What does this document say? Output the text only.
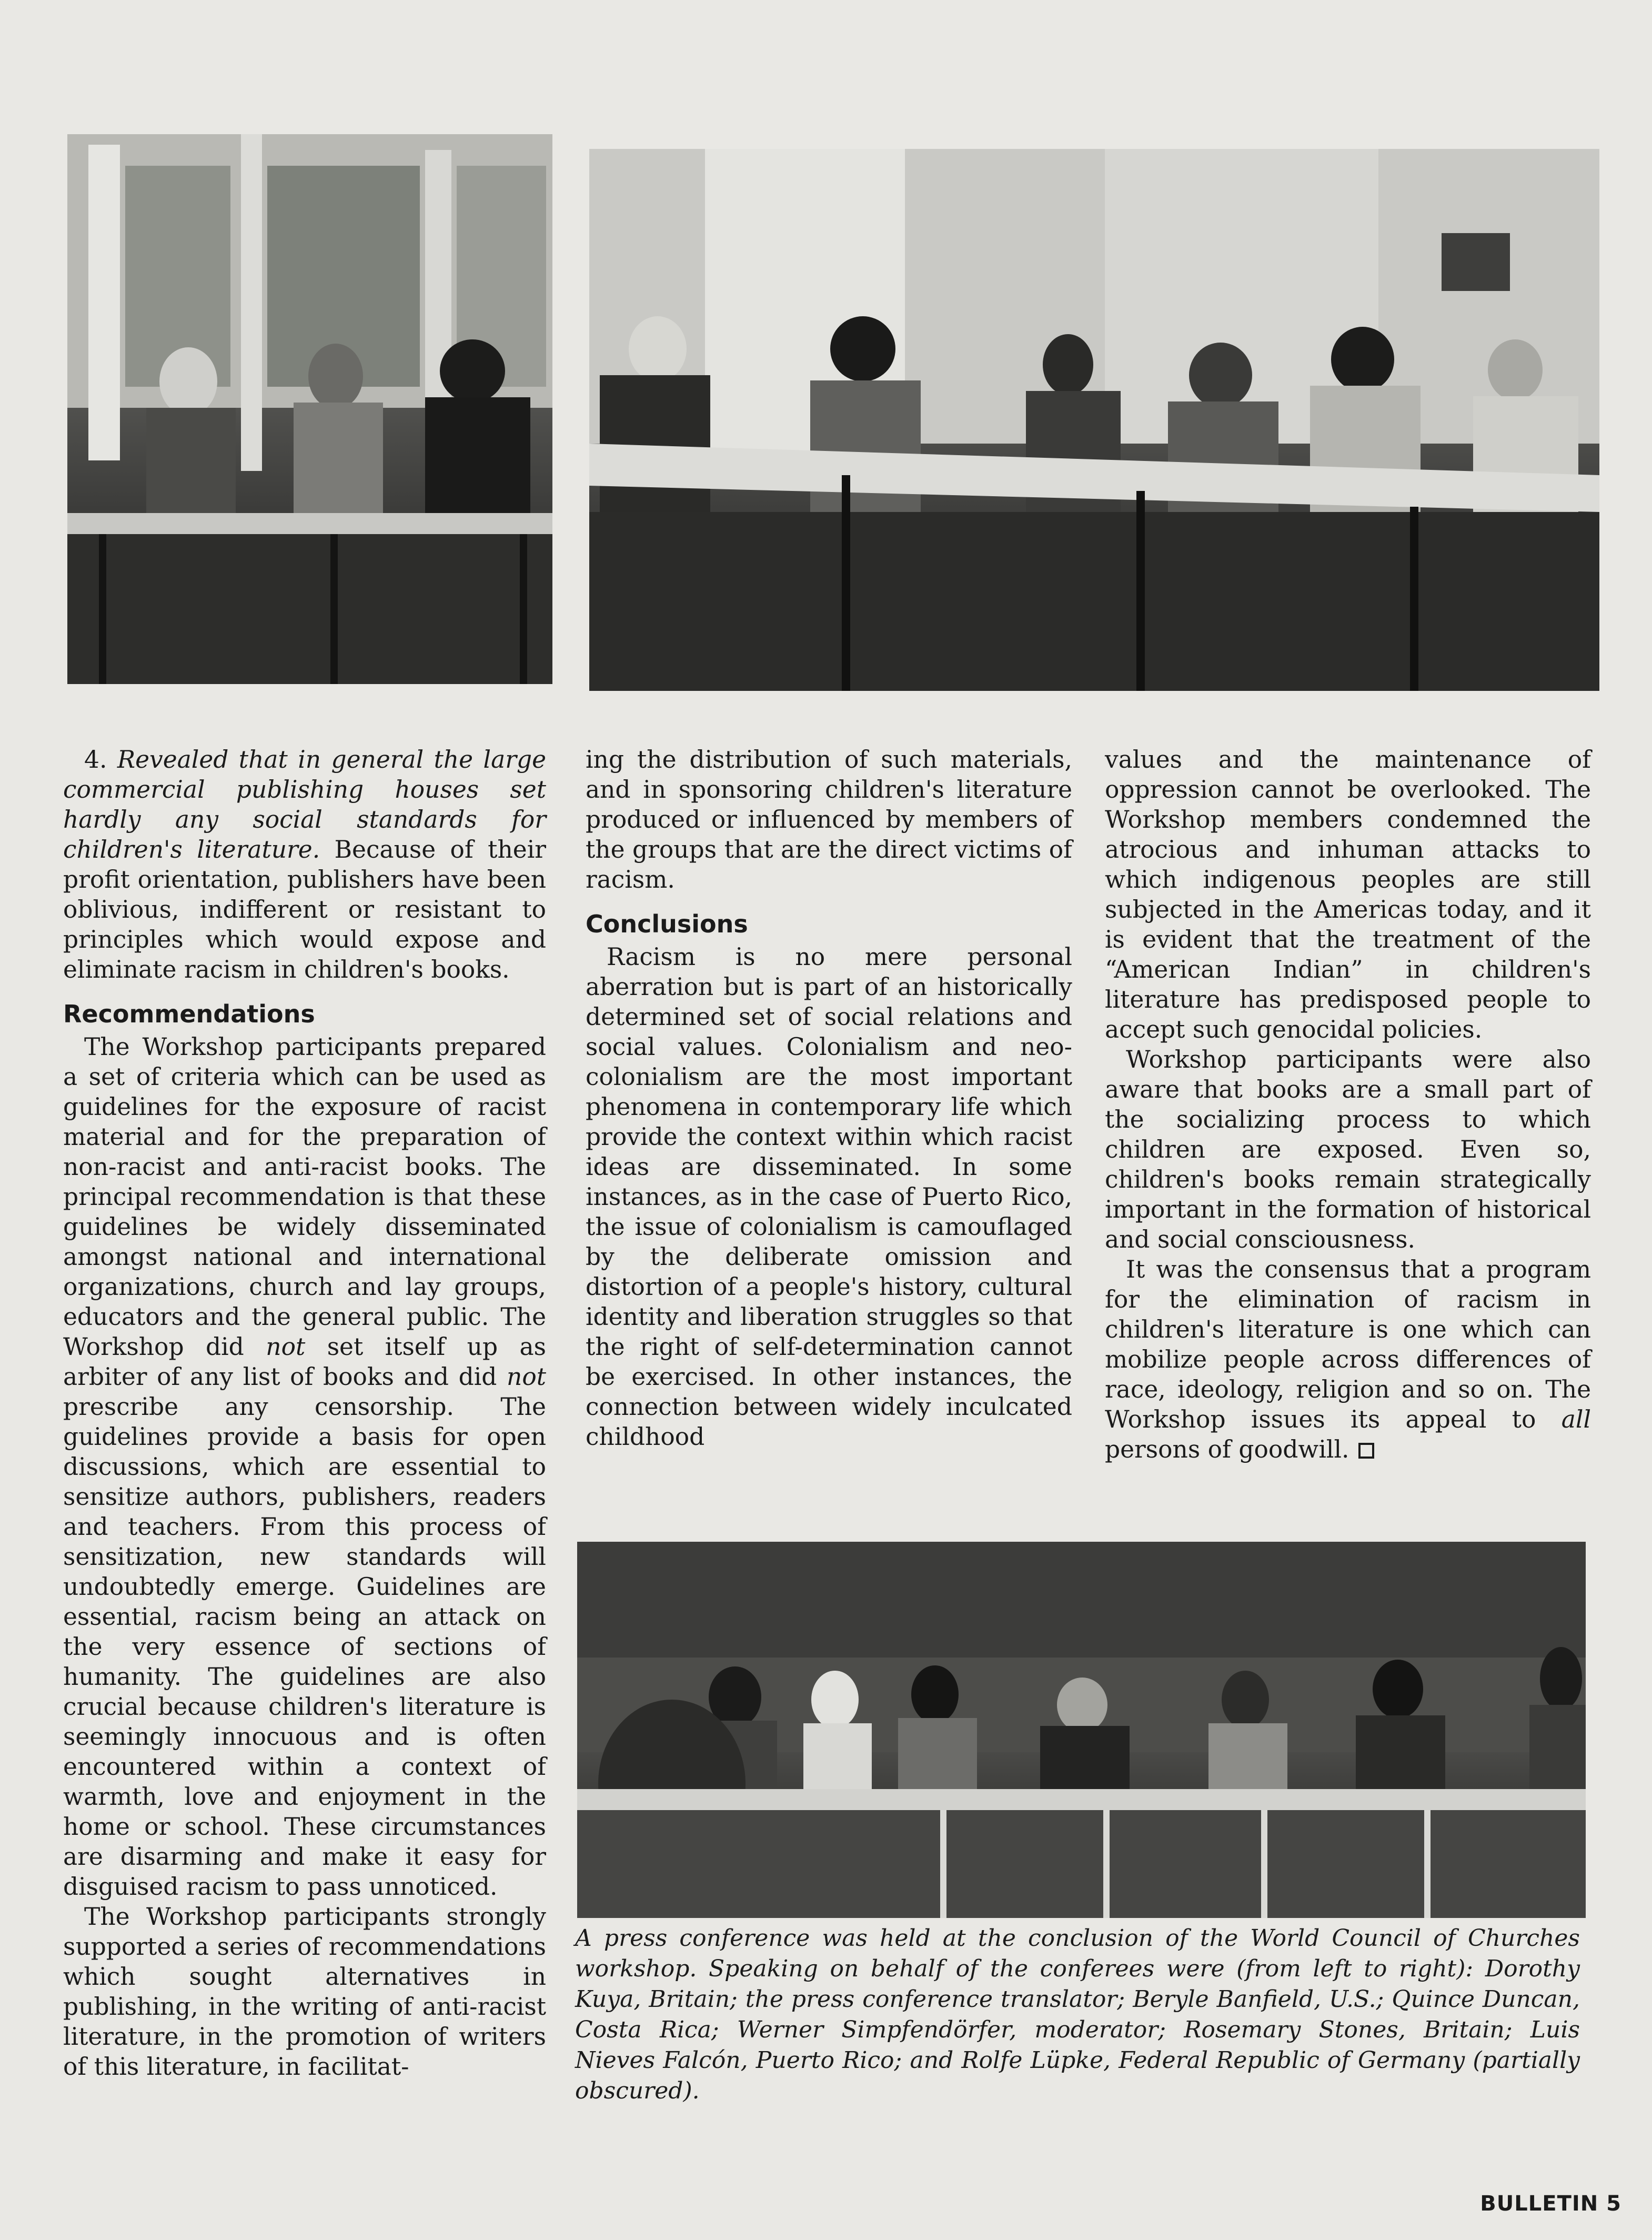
4. Revealed that in general the large commercial publishing houses set hardly any social standards for children's literature. Because of their profit orientation, publishers have been oblivious, indifferent or resistant to principles which would expose and eliminate racism in children's books.

Recommendations

The Workshop participants prepared a set of criteria which can be used as guidelines for the exposure of racist material and for the preparation of non-racist and anti-racist books. The principal recommendation is that these guidelines be widely disseminated amongst national and international organizations, church and lay groups, educators and the general public. The Workshop did not set itself up as arbiter of any list of books and did not prescribe any censorship. The guidelines provide a basis for open discussions, which are essential to sensitize authors, publishers, readers and teachers. From this process of sensitization, new standards will undoubtedly emerge. Guidelines are essential, racism being an attack on the very essence of sections of humanity. The guidelines are also crucial because children's literature is seemingly innocuous and is often encountered within a context of warmth, love and enjoyment in the home or school. These circumstances are disarming and make it easy for disguised racism to pass unnoticed.

The Workshop participants strongly supported a series of recommendations which sought alternatives in publishing, in the writing of anti-racist literature, in the promotion of writers of this literature, in facilitat-

ing the distribution of such materials, and in sponsoring children's literature produced or influenced by members of the groups that are the direct victims of racism.

Conclusions

Racism is no mere personal aberration but is part of an historically determined set of social relations and social values. Colonialism and neo-colonialism are the most important phenomena in contemporary life which provide the context within which racist ideas are disseminated. In some instances, as in the case of Puerto Rico, the issue of colonialism is camouflaged by the deliberate omission and distortion of a people's history, cultural identity and liberation struggles so that the right of self-determination cannot be exercised. In other instances, the connection between widely inculcated childhood

values and the maintenance of oppression cannot be overlooked. The Workshop members condemned the atrocious and inhuman attacks to which indigenous peoples are still subjected in the Americas today, and it is evident that the treatment of the “American Indian” in children's literature has predisposed people to accept such genocidal policies.

Workshop participants were also aware that books are a small part of the socializing process to which children are exposed. Even so, children's books remain strategically important in the formation of historical and social consciousness.

It was the consensus that a program for the elimination of racism in children's literature is one which can mobilize people across differences of race, ideology, religion and so on. The Workshop issues its appeal to all persons of goodwill.

A press conference was held at the conclusion of the World Council of Churches workshop. Speaking on behalf of the conferees were (from left to right): Dorothy Kuya, Britain; the press conference translator; Beryle Banfield, U.S.; Quince Duncan, Costa Rica; Werner Simpfendörfer, moderator; Rosemary Stones, Britain; Luis Nieves Falcón, Puerto Rico; and Rolfe Lüpke, Federal Republic of Germany (partially obscured).
BULLETIN 5
